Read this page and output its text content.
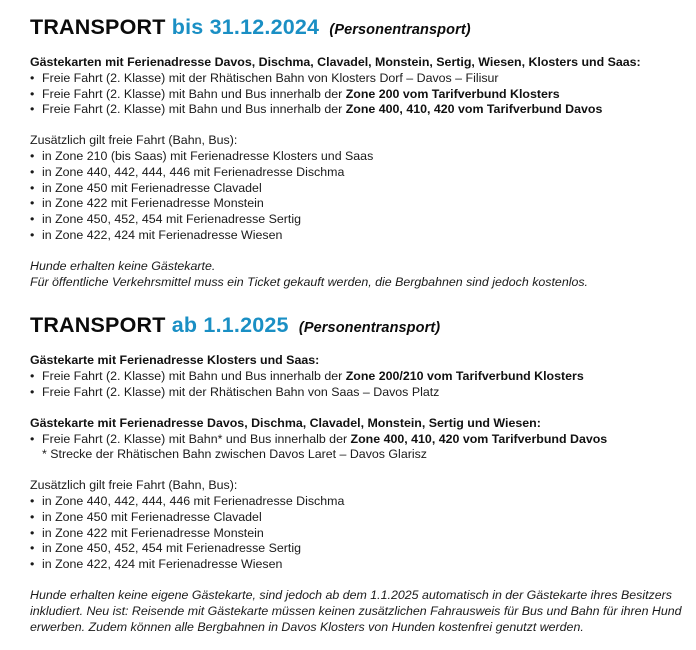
TRANSPORT bis 31.12.2024 (Personentransport)
Gästekarten mit Ferienadresse Davos, Dischma, Clavadel, Monstein, Sertig, Wiesen, Klosters und Saas:
• Freie Fahrt (2. Klasse) mit der Rhätischen Bahn von Klosters Dorf – Davos – Filisur
• Freie Fahrt (2. Klasse) mit Bahn und Bus innerhalb der Zone 200 vom Tarifverbund Klosters
• Freie Fahrt (2. Klasse) mit Bahn und Bus innerhalb der Zone 400, 410, 420 vom Tarifverbund Davos
Zusätzlich gilt freie Fahrt (Bahn, Bus):
• in Zone 210 (bis Saas) mit Ferienadresse Klosters und Saas
• in Zone 440, 442, 444, 446 mit Ferienadresse Dischma
• in Zone 450 mit Ferienadresse Clavadel
• in Zone 422 mit Ferienadresse Monstein
• in Zone 450, 452, 454 mit Ferienadresse Sertig
• in Zone 422, 424 mit Ferienadresse Wiesen
Hunde erhalten keine Gästekarte.
Für öffentliche Verkehrsmittel muss ein Ticket gekauft werden, die Bergbahnen sind jedoch kostenlos.
TRANSPORT ab 1.1.2025 (Personentransport)
Gästekarte mit Ferienadresse Klosters und Saas:
• Freie Fahrt (2. Klasse) mit Bahn und Bus innerhalb der Zone 200/210 vom Tarifverbund Klosters
• Freie Fahrt (2. Klasse) mit der Rhätischen Bahn von Saas – Davos Platz
Gästekarte mit Ferienadresse Davos, Dischma, Clavadel, Monstein, Sertig und Wiesen:
• Freie Fahrt (2. Klasse) mit Bahn* und Bus innerhalb der Zone 400, 410, 420 vom Tarifverbund Davos
* Strecke der Rhätischen Bahn zwischen Davos Laret – Davos Glarisz
Zusätzlich gilt freie Fahrt (Bahn, Bus):
• in Zone 440, 442, 444, 446 mit Ferienadresse Dischma
• in Zone 450 mit Ferienadresse Clavadel
• in Zone 422 mit Ferienadresse Monstein
• in Zone 450, 452, 454 mit Ferienadresse Sertig
• in Zone 422, 424 mit Ferienadresse Wiesen
Hunde erhalten keine eigene Gästekarte, sind jedoch ab dem 1.1.2025 automatisch in der Gästekarte ihres Besitzers
inkludiert. Neu ist: Reisende mit Gästekarte müssen keinen zusätzlichen Fahrausweis für Bus und Bahn für ihren Hund
erwerben. Zudem können alle Bergbahnen in Davos Klosters von Hunden kostenfrei genutzt werden.
